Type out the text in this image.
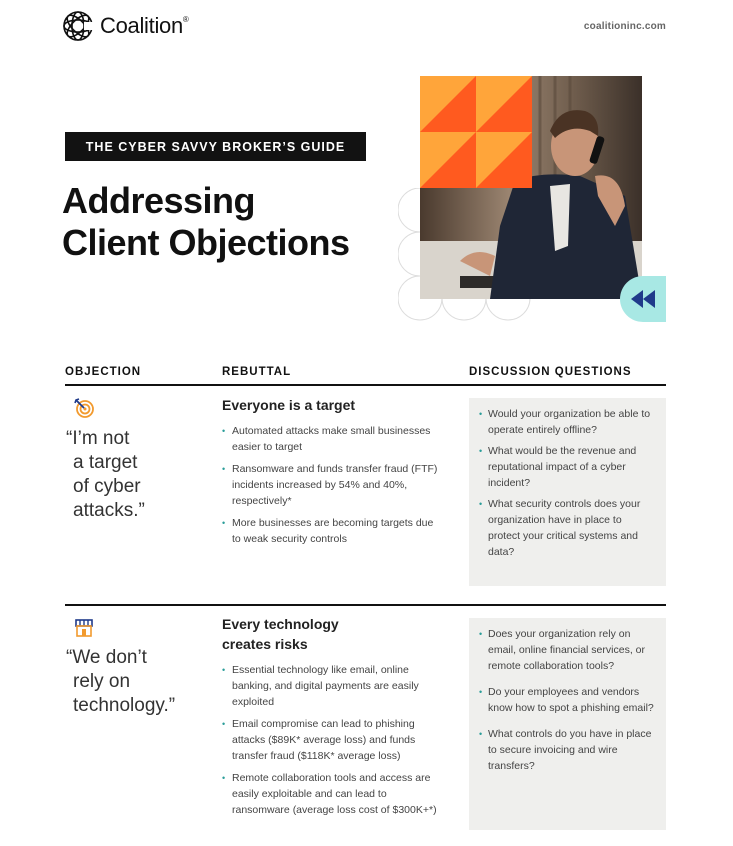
Coalition®
coalitioninc.com
THE CYBER SAVVY BROKER’S GUIDE
Addressing
Client Objections
OBJECTION	REBUTTAL	DISCUSSION QUESTIONS
“I’m not
a target
of cyber
attacks.”
Everyone is a target
• Automated attacks make small businesses easier to target
• Ransomware and funds transfer fraud (FTF) incidents increased by 54% and 40%, respectively*
• More businesses are becoming targets due to weak security controls
• Would your organization be able to operate entirely offline?
• What would be the revenue and reputational impact of a cyber incident?
• What security controls does your organization have in place to protect your critical systems and data?
“We don’t
rely on
technology.”
Every technology
creates risks
• Essential technology like email, online banking, and digital payments are easily exploited
• Email compromise can lead to phishing attacks ($89K* average loss) and funds transfer fraud ($118K* average loss)
• Remote collaboration tools and access are easily exploitable and can lead to ransomware (average loss cost of $300K+*)
• Does your organization rely on email, online financial services, or remote collaboration tools?
• Do your employees and vendors know how to spot a phishing email?
• What controls do you have in place to secure invoicing and wire transfers?
